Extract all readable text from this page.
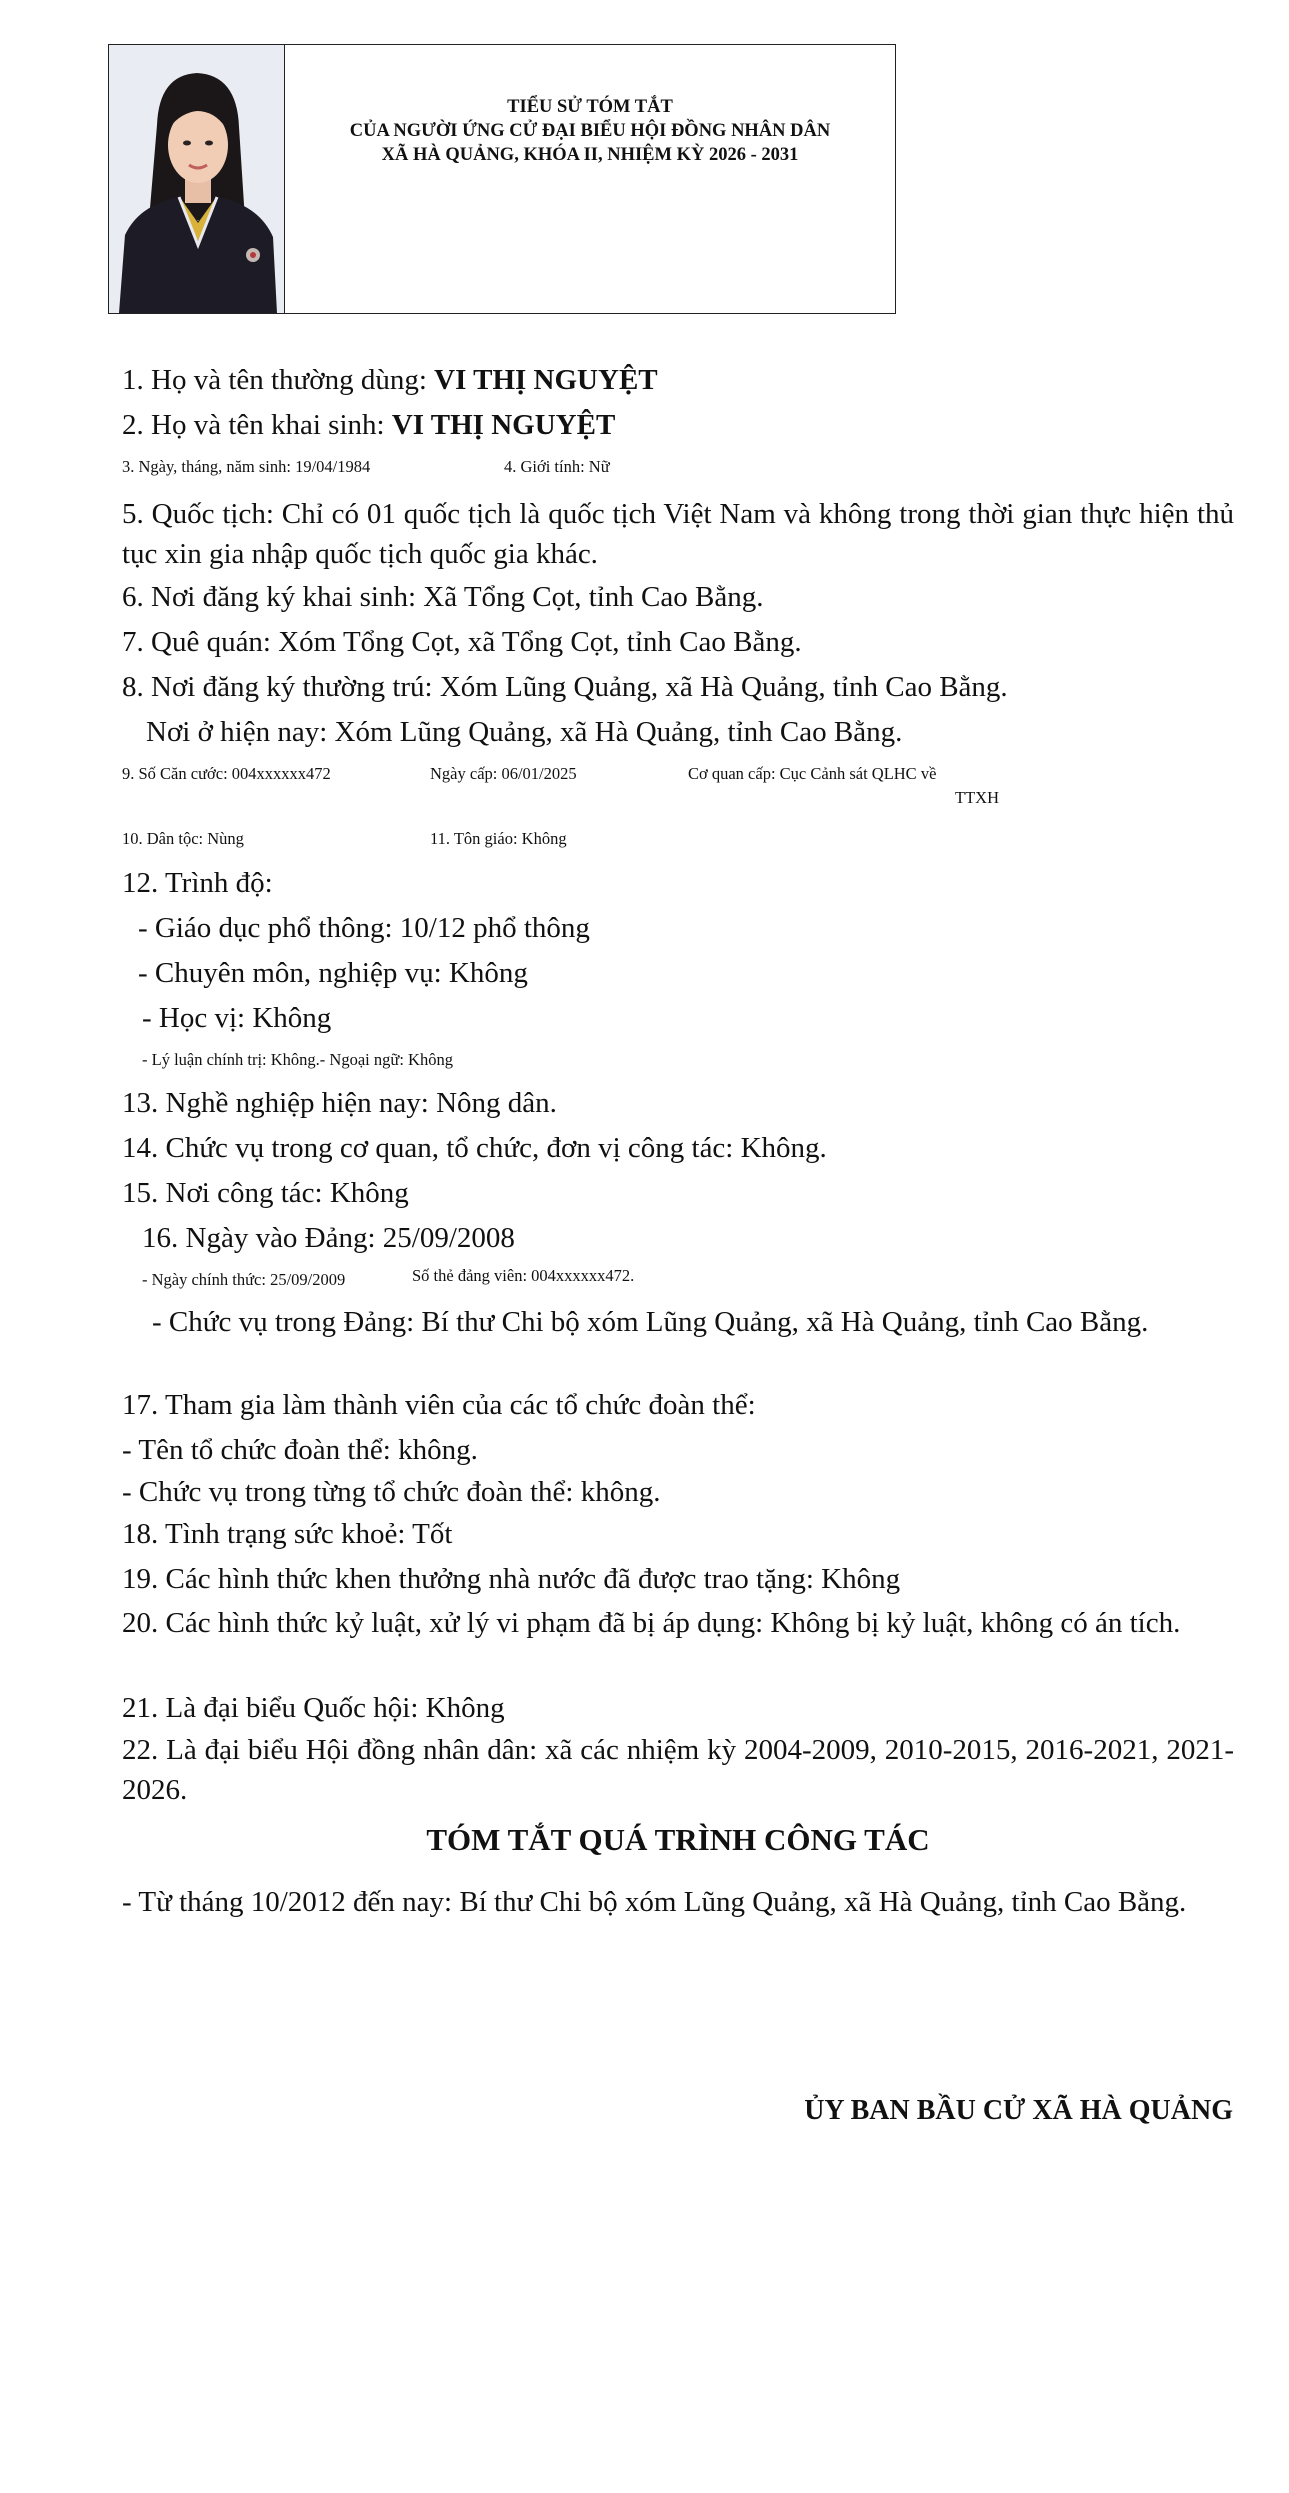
TIỂU SỬ TÓM TẮT
CỦA NGƯỜI ỨNG CỬ ĐẠI BIỂU HỘI ĐỒNG NHÂN DÂN
XÃ HÀ QUẢNG, KHÓA II, NHIỆM KỲ 2026 - 2031
1. Họ và tên thường dùng: VI THỊ NGUYỆT
2. Họ và tên khai sinh: VI THỊ NGUYỆT
3. Ngày, tháng, năm sinh: 19/04/1984	4. Giới tính: Nữ
5. Quốc tịch: Chỉ có 01 quốc tịch là quốc tịch Việt Nam và không trong thời gian thực hiện thủ tục xin gia nhập quốc tịch quốc gia khác.
6. Nơi đăng ký khai sinh: Xã Tổng Cọt, tỉnh Cao Bằng.
7. Quê quán: Xóm Tổng Cọt, xã Tổng Cọt, tỉnh Cao Bằng.
8. Nơi đăng ký thường trú: Xóm Lũng Quảng, xã Hà Quảng, tỉnh Cao Bằng.
Nơi ở hiện nay: Xóm Lũng Quảng, xã Hà Quảng, tỉnh Cao Bằng.
9. Số Căn cước: 004xxxxxx472	Ngày cấp: 06/01/2025	Cơ quan cấp: Cục Cảnh sát QLHC về
TTXH
10. Dân tộc: Nùng	11. Tôn giáo: Không
12. Trình độ:
- Giáo dục phổ thông: 10/12 phổ thông
- Chuyên môn, nghiệp vụ: Không
- Học vị: Không
- Lý luận chính trị: Không.- Ngoại ngữ: Không
13. Nghề nghiệp hiện nay: Nông dân.
14. Chức vụ trong cơ quan, tổ chức, đơn vị công tác: Không.
15. Nơi công tác: Không
16. Ngày vào Đảng: 25/09/2008
- Ngày chính thức: 25/09/2009	Số thẻ đảng viên: 004xxxxxx472.
- Chức vụ trong Đảng: Bí thư Chi bộ xóm Lũng Quảng, xã Hà Quảng, tỉnh Cao Bằng.
17. Tham gia làm thành viên của các tổ chức đoàn thể:
- Tên tổ chức đoàn thể: không.
- Chức vụ trong từng tổ chức đoàn thể: không.
18. Tình trạng sức khoẻ: Tốt
19. Các hình thức khen thưởng nhà nước đã được trao tặng: Không
20. Các hình thức kỷ luật, xử lý vi phạm đã bị áp dụng: Không bị kỷ luật, không có án tích.
21. Là đại biểu Quốc hội: Không
22. Là đại biểu Hội đồng nhân dân: xã các nhiệm kỳ 2004-2009, 2010-2015, 2016-2021, 2021-2026.
TÓM TẮT QUÁ TRÌNH CÔNG TÁC
- Từ tháng 10/2012 đến nay: Bí thư Chi bộ xóm Lũng Quảng, xã Hà Quảng, tỉnh Cao Bằng.
ỦY BAN BẦU CỬ XÃ HÀ QUẢNG
